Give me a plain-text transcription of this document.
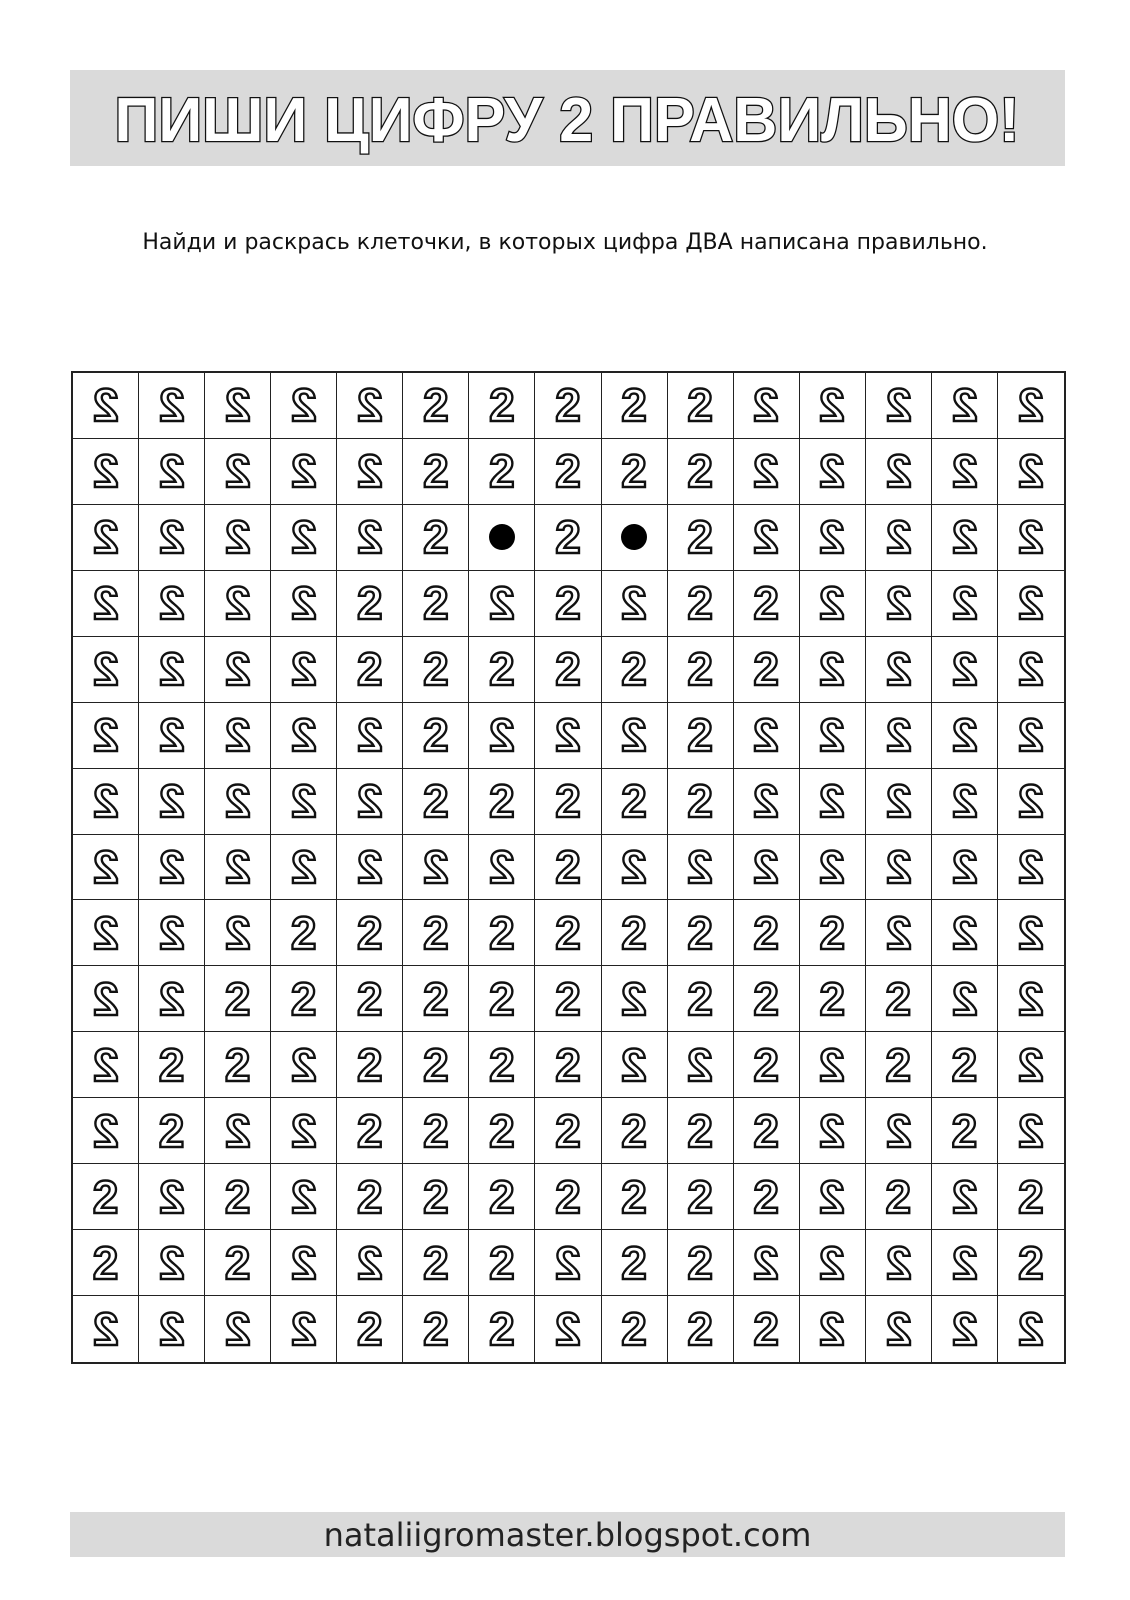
ПИШИ ЦИФРУ 2 ПРАВИЛЬНО!
Найди и раскрась клеточки, в которых цифра ДВА написана правильно.
2 2 2 2 2 2 2 2 2 2 2 2 2 2 2
2 2 2 2 2 2 2 2 2 2 2 2 2 2 2
2 2 2 2 2 2 2 2 2 2 2 2 2
2 2 2 2 2 2 2 2 2 2 2 2 2 2 2
2 2 2 2 2 2 2 2 2 2 2 2 2 2 2
2 2 2 2 2 2 2 2 2 2 2 2 2 2 2
2 2 2 2 2 2 2 2 2 2 2 2 2 2 2
2 2 2 2 2 2 2 2 2 2 2 2 2 2 2
2 2 2 2 2 2 2 2 2 2 2 2 2 2 2
2 2 2 2 2 2 2 2 2 2 2 2 2 2 2
2 2 2 2 2 2 2 2 2 2 2 2 2 2 2
2 2 2 2 2 2 2 2 2 2 2 2 2 2 2
2 2 2 2 2 2 2 2 2 2 2 2 2 2 2
2 2 2 2 2 2 2 2 2 2 2 2 2 2 2
2 2 2 2 2 2 2 2 2 2 2 2 2 2 2
nataliigromaster.blogspot.com
